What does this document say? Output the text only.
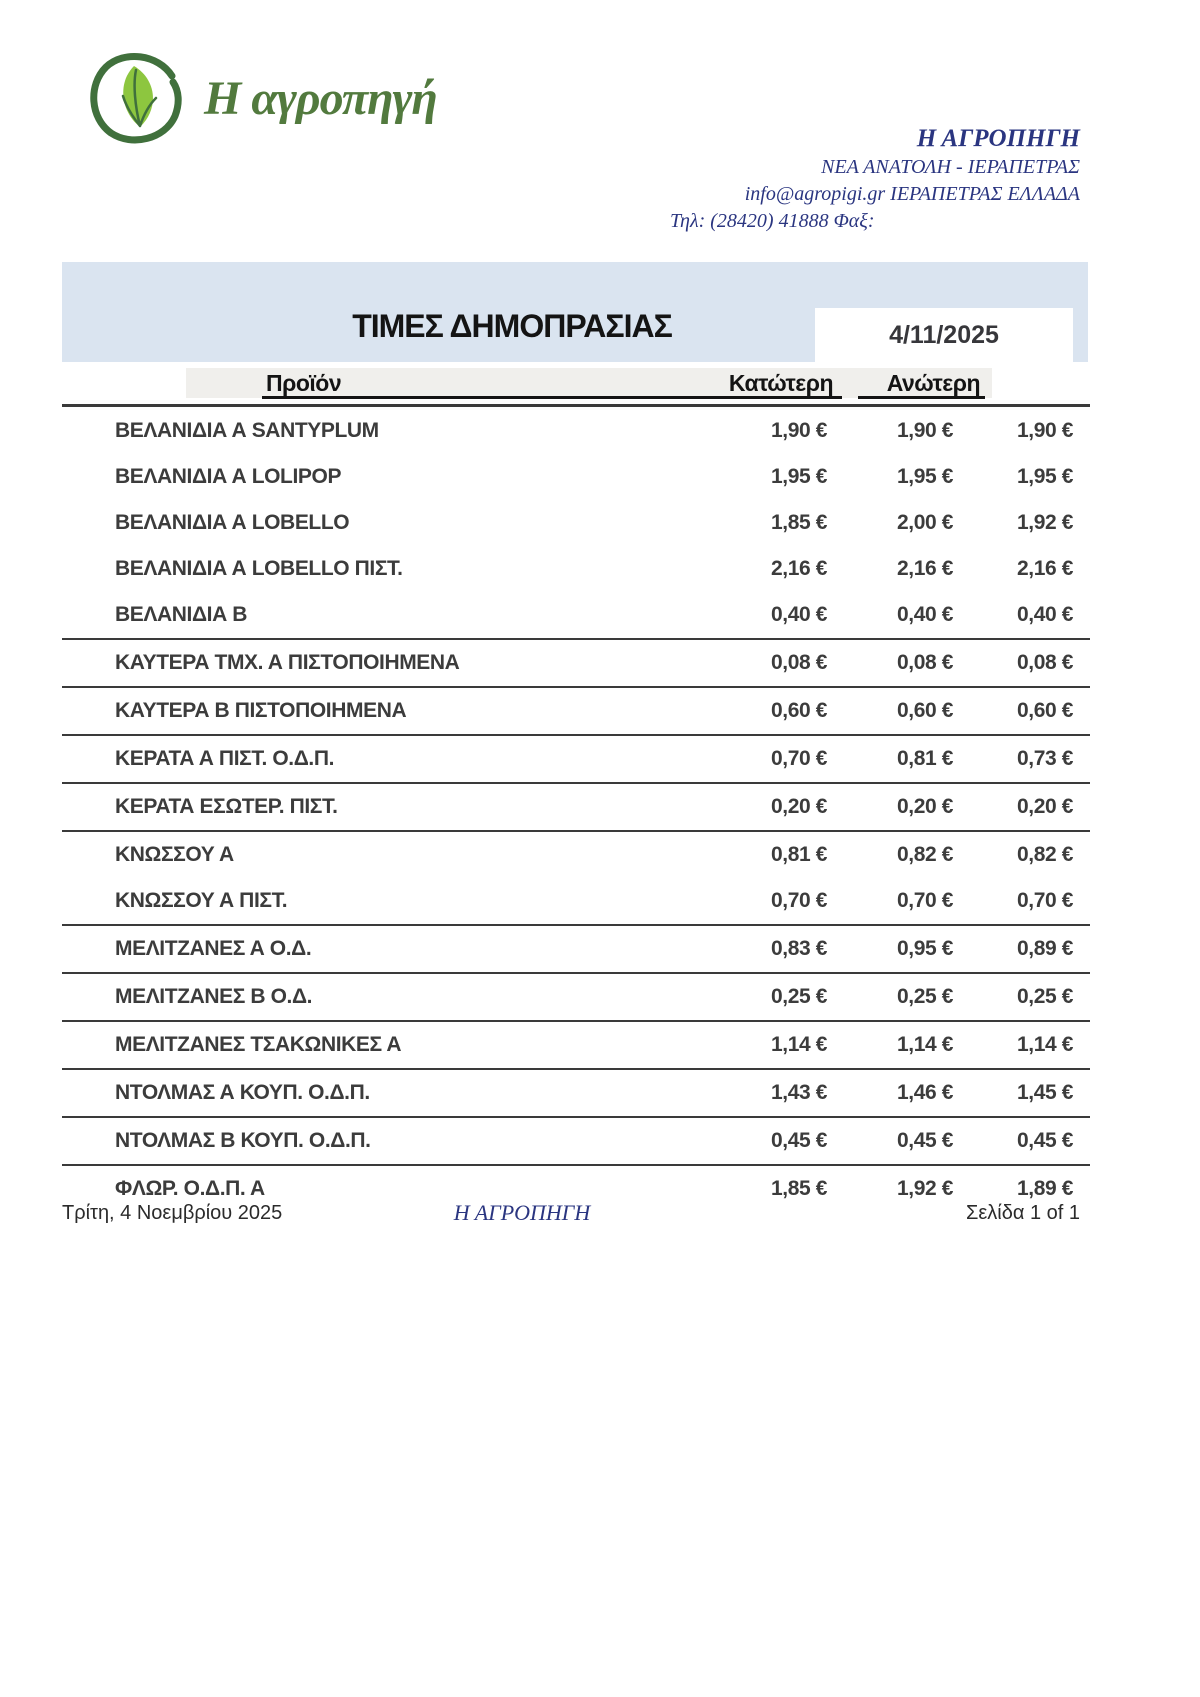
Η αγροπηγή
Η ΑΓΡΟΠΗΓΗ
ΝΕΑ ΑΝΑΤΟΛΗ - ΙΕΡΑΠΕΤΡΑΣ
info@agropigi.gr ΙΕΡΑΠΕΤΡΑΣ ΕΛΛΑΔΑ
Τηλ: (28420) 41888 Φαξ:
ΤΙΜΕΣ ΔΗΜΟΠΡΑΣΙΑΣ	4/11/2025
Προϊόν	Κατώτερη Ανώτερη
ΒΕΛΑΝΙΔΙΑ Α SANTYPLUM	1,90 €	1,90 €	1,90 €
ΒΕΛΑΝΙΔΙΑ Α LOLIPOP	1,95 €	1,95 €	1,95 €
ΒΕΛΑΝΙΔΙΑ Α LOBELLO	1,85 €	2,00 €	1,92 €
ΒΕΛΑΝΙΔΙΑ Α LOBELLO ΠΙΣΤ.	2,16 €	2,16 €	2,16 €
ΒΕΛΑΝΙΔΙΑ Β	0,40 €	0,40 €	0,40 €
ΚΑΥΤΕΡΑ ΤΜΧ. Α ΠΙΣΤΟΠΟΙΗΜΕΝΑ	0,08 €	0,08 €	0,08 €
ΚΑΥΤΕΡΑ Β ΠΙΣΤΟΠΟΙΗΜΕΝΑ	0,60 €	0,60 €	0,60 €
ΚΕΡΑΤΑ Α ΠΙΣΤ. Ο.Δ.Π.	0,70 €	0,81 €	0,73 €
ΚΕΡΑΤΑ ΕΣΩΤΕΡ. ΠΙΣΤ.	0,20 €	0,20 €	0,20 €
ΚΝΩΣΣΟΥ Α	0,81 €	0,82 €	0,82 €
ΚΝΩΣΣΟΥ Α ΠΙΣΤ.	0,70 €	0,70 €	0,70 €
ΜΕΛΙΤΖΑΝΕΣ Α Ο.Δ.	0,83 €	0,95 €	0,89 €
ΜΕΛΙΤΖΑΝΕΣ Β Ο.Δ.	0,25 €	0,25 €	0,25 €
ΜΕΛΙΤΖΑΝΕΣ ΤΣΑΚΩΝΙΚΕΣ Α	1,14 €	1,14 €	1,14 €
ΝΤΟΛΜΑΣ Α ΚΟΥΠ. Ο.Δ.Π.	1,43 €	1,46 €	1,45 €
ΝΤΟΛΜΑΣ Β ΚΟΥΠ. Ο.Δ.Π.	0,45 €	0,45 €	0,45 €
ΦΛΩΡ. Ο.Δ.Π. Α	1,85 €	1,92 €	1,89 €
Τρίτη, 4 Νοεμβρίου 2025	Η ΑΓΡΟΠΗΓΗ	Σελίδα 1 of 1
